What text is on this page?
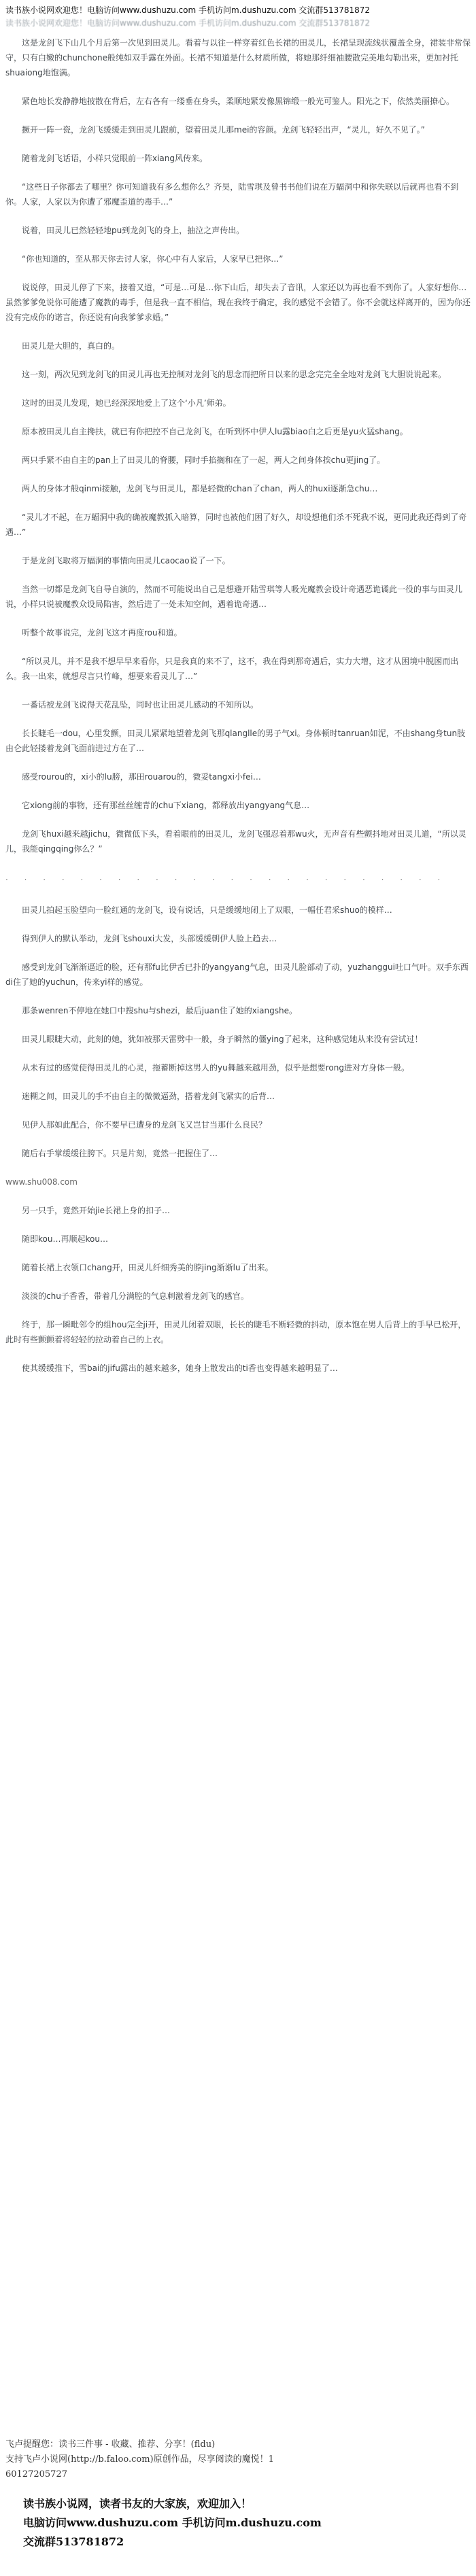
读书族小说网欢迎您！电脑访问www.dushuzu.com 手机访问m.dushuzu.com 交流群513781872
读书族小说网欢迎您！电脑访问www.dushuzu.com 手机访问m.dushuzu.com 交流群513781872

这是龙剑飞下山几个月后第一次见到田灵儿。看着与以往一样穿着红色长裙的田灵儿，长裙呈现流线状覆盖全身，裙装非常保守，只有白嫩的chunchone般纯如双手露在外面。长裙不知道是什么材质所做，将她那纤细袖腰散完美地勾勒出来，更加衬托shuaiong地饱满。

紧色地长发静静地披散在背后，左右各有一缕垂在身头，柔顺地紧发像黑锦缎一般光可鉴人。阳光之下，依然美丽撩心。

撅开一阵一瓷，龙剑飞缓缓走到田灵儿跟前，望着田灵儿那mei的容颜。龙剑飞轻轻出声，“灵儿，好久不见了。”

随着龙剑飞话语，小样只觉眼前一阵xiang风传来。

“这些日子你都去了哪里？你可知道我有多么想你么？齐昊，陆雪琪及曾书书他们说在万蝠洞中和你失联以后就再也看不到你。人家，人家以为你遭了邪魔歪道的毒手…”

说着，田灵儿已然轻轻地pu到龙剑飞的身上，抽泣之声传出。

“你也知道的，至从那天你去讨人家，你心中有人家后，人家早已把你…”

说说停，田灵儿停了下来，接着又道，“可是…可是…你下山后，却失去了音讯，人家还以为再也看不到你了。人家好想你…虽然爹爹免说你可能遭了魔教的毒手，但是我一直不相信，现在我终于确定，我的感觉不会错了。你不会就这样离开的，因为你还没有完成你的诺言，你还说有向我爹爹求婚。”

田灵儿是大胆的，真白的。

这一刻，两次见到龙剑飞的田灵儿再也无控制对龙剑飞的思念而把所日以来的思念完完全全地对龙剑飞大胆说说起来。

这时的田灵儿发现，她已经深深地爱上了这个‘小凡’师弟。

原本被田灵儿自主搀扶，就已有你把控不自己龙剑飞，在听到怀中伊人lu露biao白之后更是yu火猛shang。

两只手紧不由自主的pan上了田灵儿的脊腰，同时手掐搁和在了一起，两人之间身体挨chu更jing了。

两人的身体才般qinmi接触，龙剑飞与田灵儿，都是轻微的chan了chan，两人的huxi逐渐急chu…

“灵儿才不起，在万蝠洞中我的确被魔教抓入暗算，同时也被他们困了好久，却设想他们杀不死我不说，更同此我还得到了奇遇…”

于是龙剑飞取将万蝠洞的事情向田灵儿caocao说了一下。

当然一切都是龙剑飞自导自演的，然而不可能说出自己是想避开陆雪琪等人吸光魔教会设计奇遇恶诡谲此一役的事与田灵儿说，小样只说被魔教众设局陷害，然后进了一处未知空间，遇着诡奇遇…

听整个故事说完，龙剑飞这才再度rou和道。

“所以灵儿，并不是我不想早早来看你，只是我真的来不了，这不，我在得到那奇遇后，实力大增，这才从困境中脱困而出么。我一出来，就想尽言只竹峰，想要来看灵儿了…”

一番话被龙剑飞说得天花乱坠，同时也让田灵儿感动的不知所以。

长长睫毛一dou，心里发颤，田灵儿紧紧地望着龙剑飞那qlanglle的男子气xi。身体顿时tanruan如泥，不由shang身tun肢由仑此轻搂着龙剑飞面前进过方在了…

感受rourou的，xi小的lu膀，那田rouarou的，微妥tangxi小fei…

它xiong前的事物，还有那丝丝缠青的chu下xiang，都释放出yangyang气息…

龙剑飞huxi越来越jichu，微微低下头，看着眼前的田灵儿，龙剑飞强忍着那wu火，无声音有些颤抖地对田灵儿道，“所以灵儿，我能qingqing你么？”

. . . . . . . . . . . . . . . . . . . . . . . .

田灵儿拍起玉脸望向一脸红通的龙剑飞，设有说话，只是缓缓地闭上了双眼，一幅任君采shuo的模样…

得到伊人的默认举动，龙剑飞shouxi大发，头部缓缓朝伊人脸上趋去…

感受到龙剑飞渐渐逼近的脸，还有那fu比伊舌已扑的yangyang气息，田灵儿脸部动了动，yuzhanggui吐口气叶。双手东西di住了她的yuchun，传来yi样的感觉。

那条wenren不停地在她口中搜shu与shezi，最后juan住了她的xiangshe。

田灵儿眼睫大动，此刻的她，犹如被那天雷劈中一般，身子瞬然的僵ying了起来，这种感觉她从来没有尝试过！

从未有过的感觉使得田灵儿的心灵，拖蓄断掉这男人的yu舞越来越用劲，似乎是想要rong进对方身体一般。

迷糊之间，田灵儿的手不由自主的微微逼劲，搭着龙剑飞紧实的后背…

见伊人那如此配合，你不要早已遭身的龙剑飞又岂甘当那什么良民？

随后右手掌缓缓往胯下。只是片刻，竟然一把握住了…

www.shu008.com

另一只手，竟然开始jie长裙上身的扣子…

随即kou…再顺起kou…

随着长裙上衣领口chang开，田灵儿纤细秀美的脖jing渐渐lu了出来。

淡淡的chu子香香，带着几分满腔的气息刺激着龙剑飞的感官。

终于，那一瞬毗邻令的组hou完全ji开，田灵儿闭着双眼，长长的睫毛不断轻微的抖动，原本饱在男人后背上的手早已松开，此时有些颤颤着将轻轻的拉动着自己的上衣。

使其缓缓推下，雪bai的jifu露出的越来越多，她身上散发出的ti香也变得越来越明显了…

飞卢提醒您：读书三件事 - 收藏、推荐、分享！(fldu)
支持飞卢小说网(http://b.faloo.com)原创作品，尽享阅读的魔悦！1
60127205727
读书族小说网，读者书友的大家族，欢迎加入！
电脑访问www.dushuzu.com 手机访问m.dushuzu.com
交流群513781872
